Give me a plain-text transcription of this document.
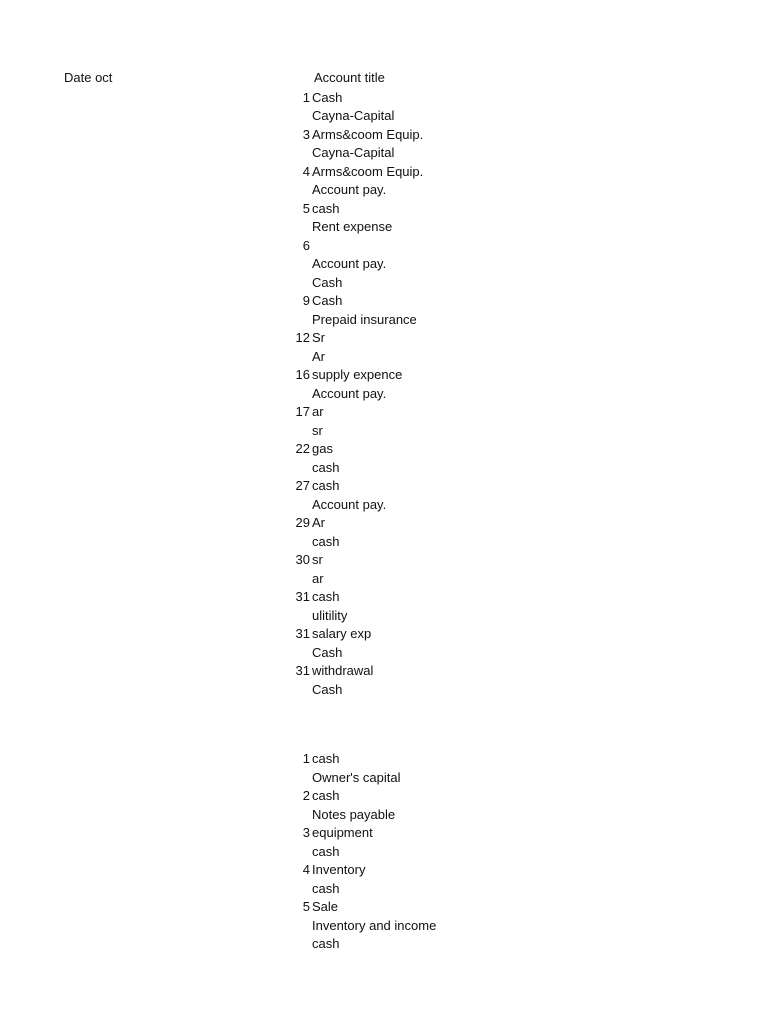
Date oct	Account title
1 Cash
Cayna-Capital
3 Arms&coom Equip.
Cayna-Capital
4 Arms&coom Equip.
Account pay.
5 cash
Rent expense
6
Account pay.
Cash
9 Cash
Prepaid insurance
12 Sr
Ar
16 supply expence
Account pay.
17 ar
sr
22 gas
cash
27 cash
Account pay.
29 Ar
cash
30 sr
ar
31 cash
ulitility
31 salary exp
Cash
31 withdrawal
Cash
1 cash
Owner's capital
2 cash
Notes payable
3 equipment
cash
4 Inventory
cash
5 Sale
Inventory and income
cash
